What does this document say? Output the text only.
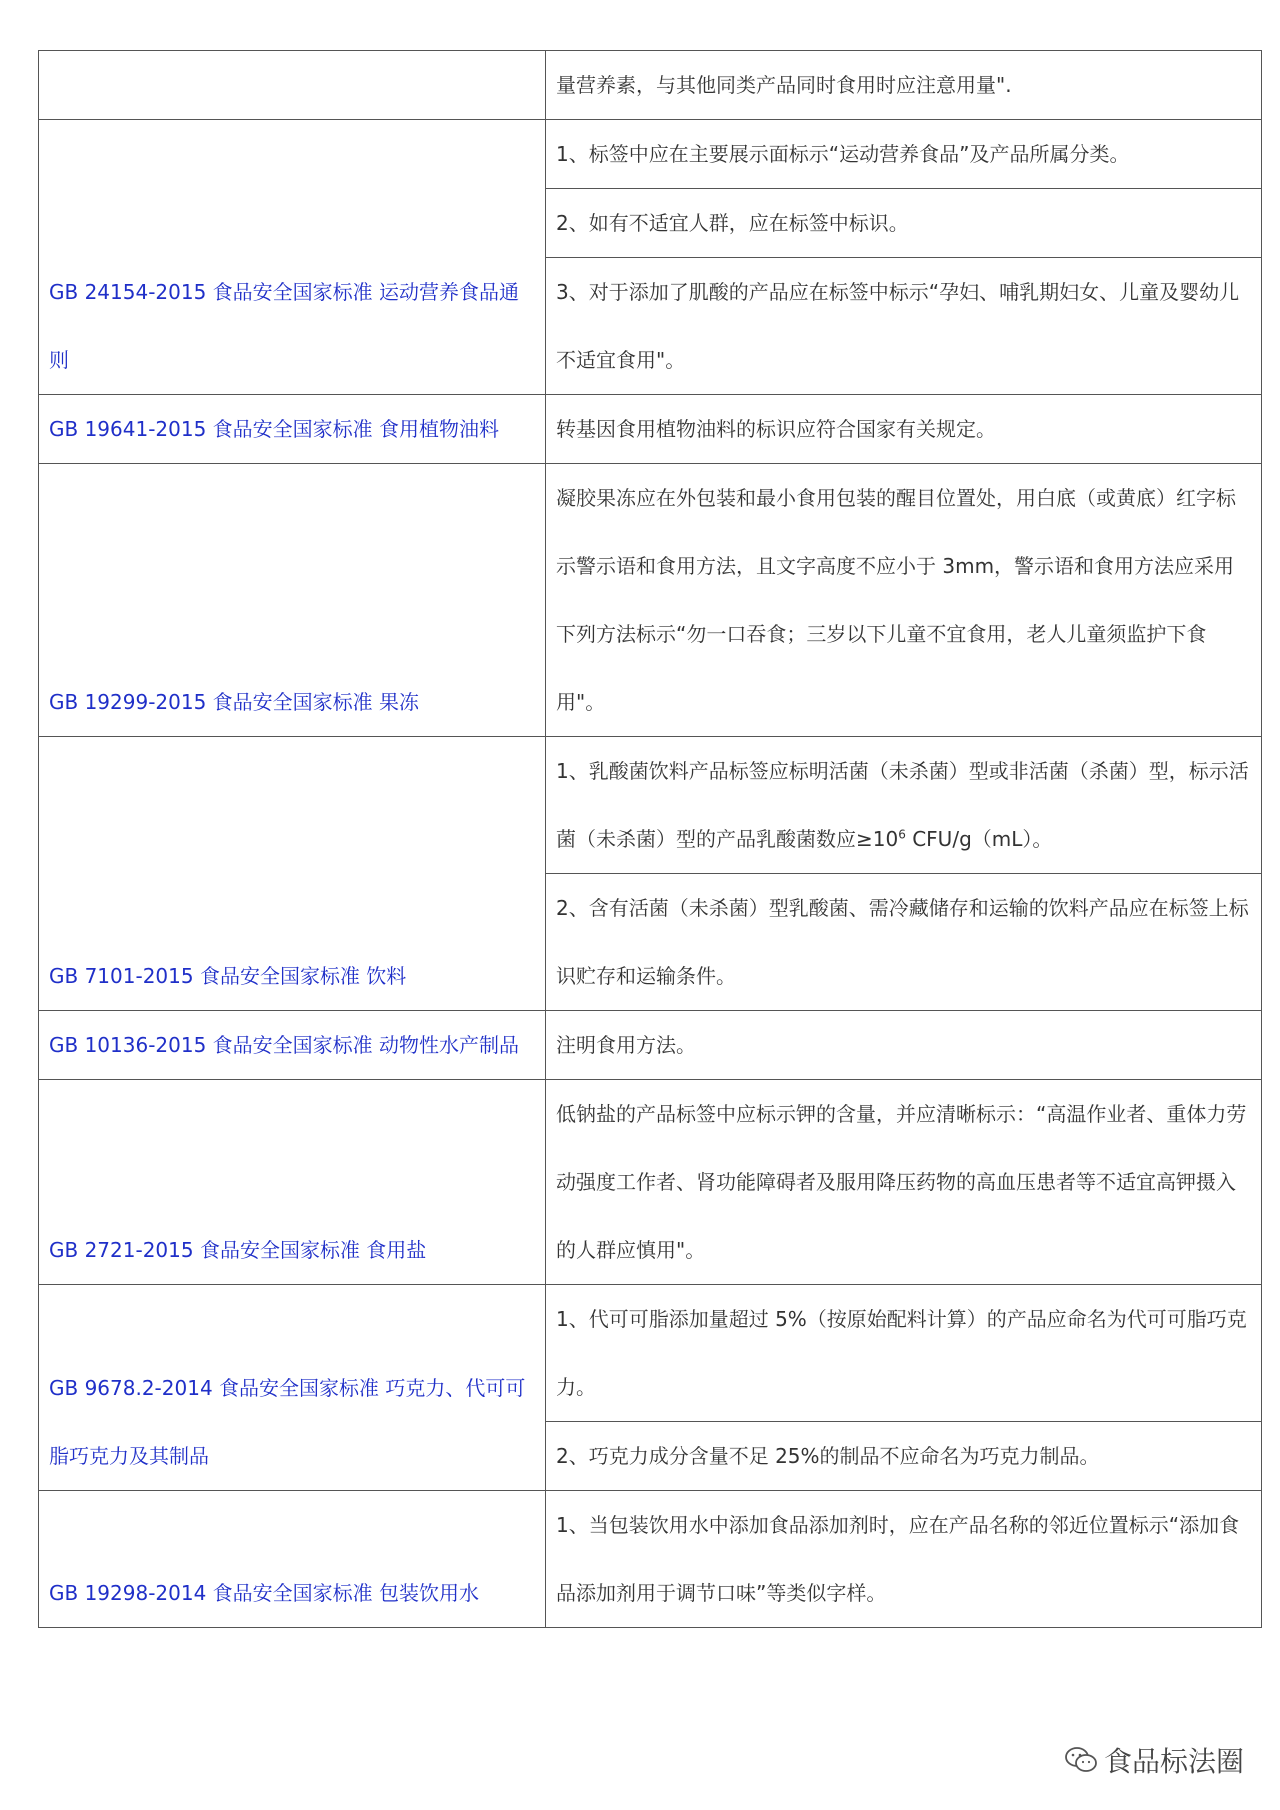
	量营养素，与其他同类产品同时食用时应注意用量".
GB 24154-2015 食品安全国家标准 运动营养食品通则	1、标签中应在主要展示面标示“运动营养食品”及产品所属分类。
	2、如有不适宜人群，应在标签中标识。
	3、对于添加了肌酸的产品应在标签中标示“孕妇、哺乳期妇女、儿童及婴幼儿不适宜食用"。
GB 19641-2015 食品安全国家标准 食用植物油料	转基因食用植物油料的标识应符合国家有关规定。
GB 19299-2015 食品安全国家标准 果冻	凝胶果冻应在外包装和最小食用包装的醒目位置处，用白底（或黄底）红字标示警示语和食用方法，且文字高度不应小于 3mm，警示语和食用方法应采用下列方法标示“勿一口吞食；三岁以下儿童不宜食用，老人儿童须监护下食用"。
GB 7101-2015 食品安全国家标准 饮料	1、乳酸菌饮料产品标签应标明活菌（未杀菌）型或非活菌（杀菌）型，标示活菌（未杀菌）型的产品乳酸菌数应$\ge 10^6$ CFU/g（mL）。
	2、含有活菌（未杀菌）型乳酸菌、需冷藏储存和运输的饮料产品应在标签上标识贮存和运输条件。
GB 10136-2015 食品安全国家标准 动物性水产制品	注明食用方法。
GB 2721-2015 食品安全国家标准 食用盐	低钠盐的产品标签中应标示钾的含量，并应清晰标示：“高温作业者、重体力劳动强度工作者、肾功能障碍者及服用降压药物的高血压患者等不适宜高钾摄入的人群应慎用"。
GB 9678.2-2014 食品安全国家标准 巧克力、代可可脂巧克力及其制品	1、代可可脂添加量超过 5%（按原始配料计算）的产品应命名为代可可脂巧克力。
	2、巧克力成分含量不足 25%的制品不应命名为巧克力制品。
GB 19298-2014 食品安全国家标准 包装饮用水	1、当包装饮用水中添加食品添加剂时，应在产品名称的邻近位置标示“添加食品添加剂用于调节口味”等类似字样。
食品标法圈
